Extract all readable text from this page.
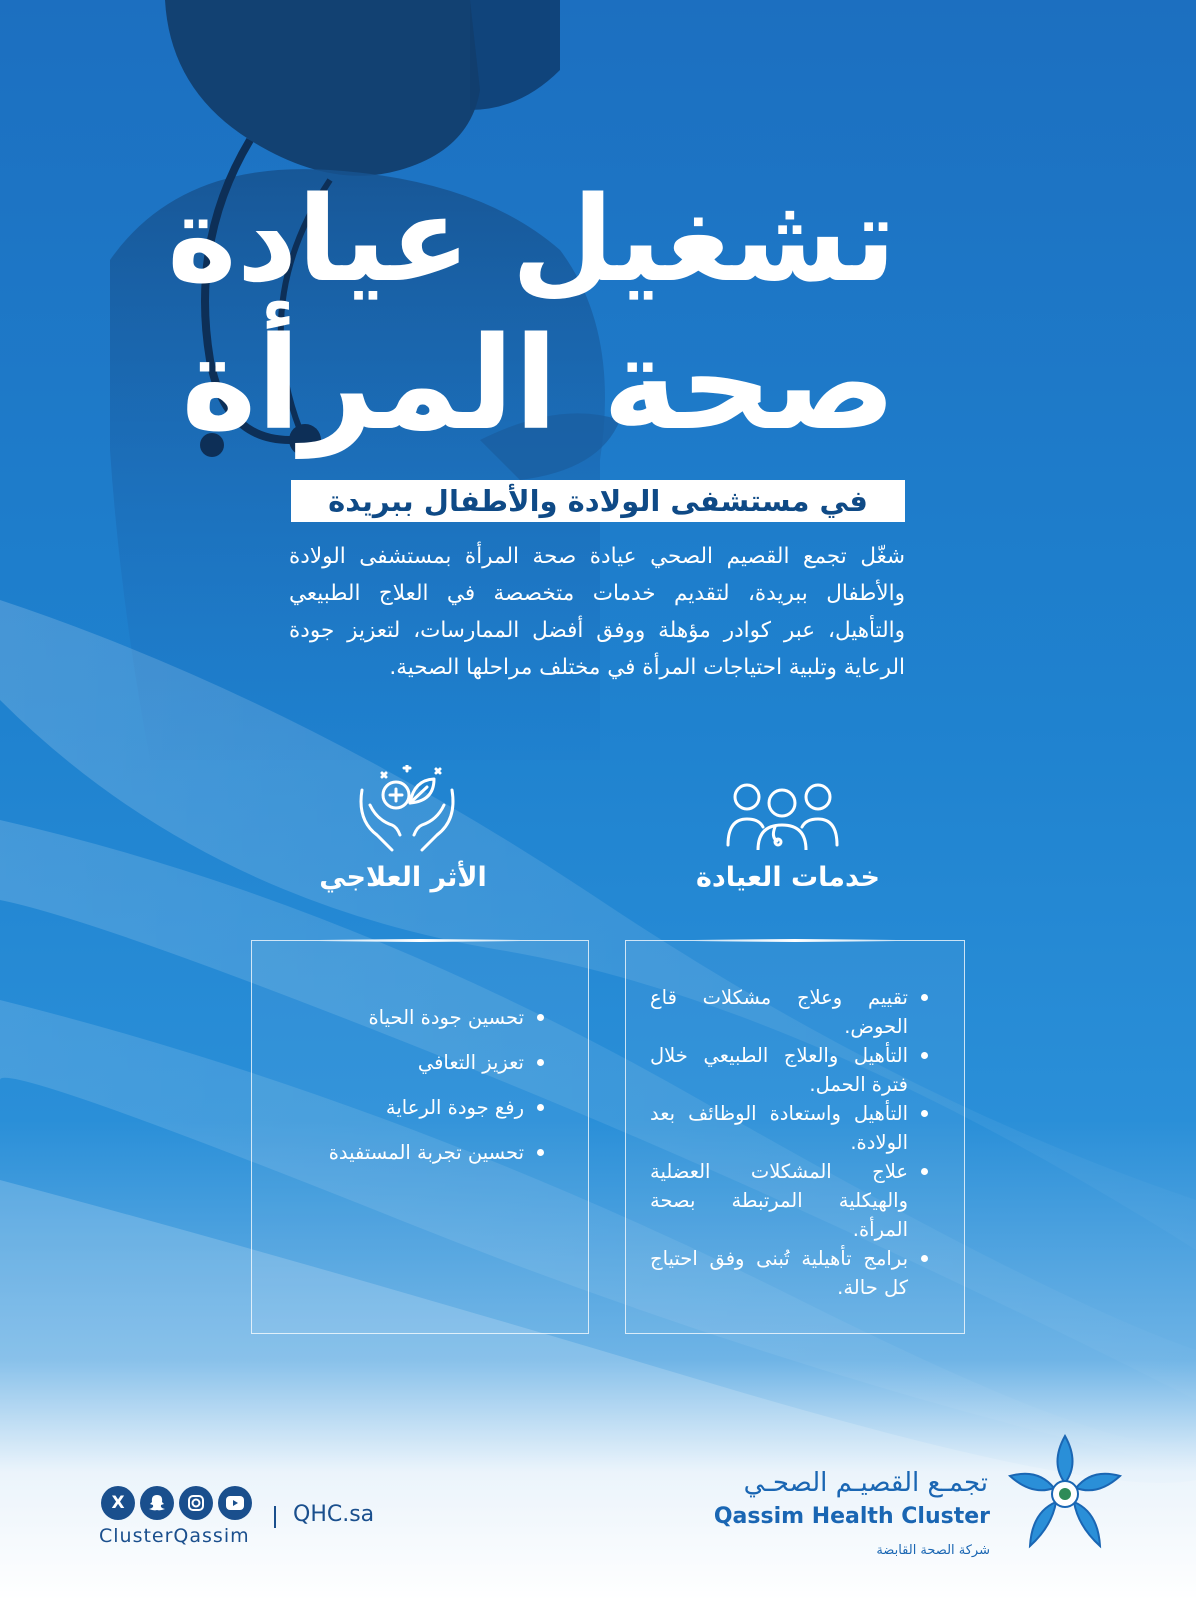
تشغيل عيادة
صحة المرأة
في مستشفى الولادة والأطفال ببريدة
شغّل تجمع القصيم الصحي عيادة صحة المرأة بمستشفى الولادة والأطفال ببريدة، لتقديم خدمات متخصصة في العلاج الطبيعي والتأهيل، عبر كوادر مؤهلة ووفق أفضل الممارسات، لتعزيز جودة الرعاية وتلبية احتياجات المرأة في مختلف مراحلها الصحية.
الأثر العلاجي	خدمات العيادة
تحسين جودة الحياة
تعزيز التعافي
رفع جودة الرعاية
تحسين تجربة المستفيدة
تقييم وعلاج مشكلات قاع الحوض.
التأهيل والعلاج الطبيعي خلال فترة الحمل.
التأهيل واستعادة الوظائف بعد الولادة.
علاج المشكلات العضلية والهيكلية المرتبطة بصحة المرأة.
برامج تأهيلية تُبنى وفق احتياج كل حالة.
تجمـع القصيـم الصحـي
Qassim Health Cluster
شركة الصحة القابضة
X
ClusterQassim
QHC.sa
